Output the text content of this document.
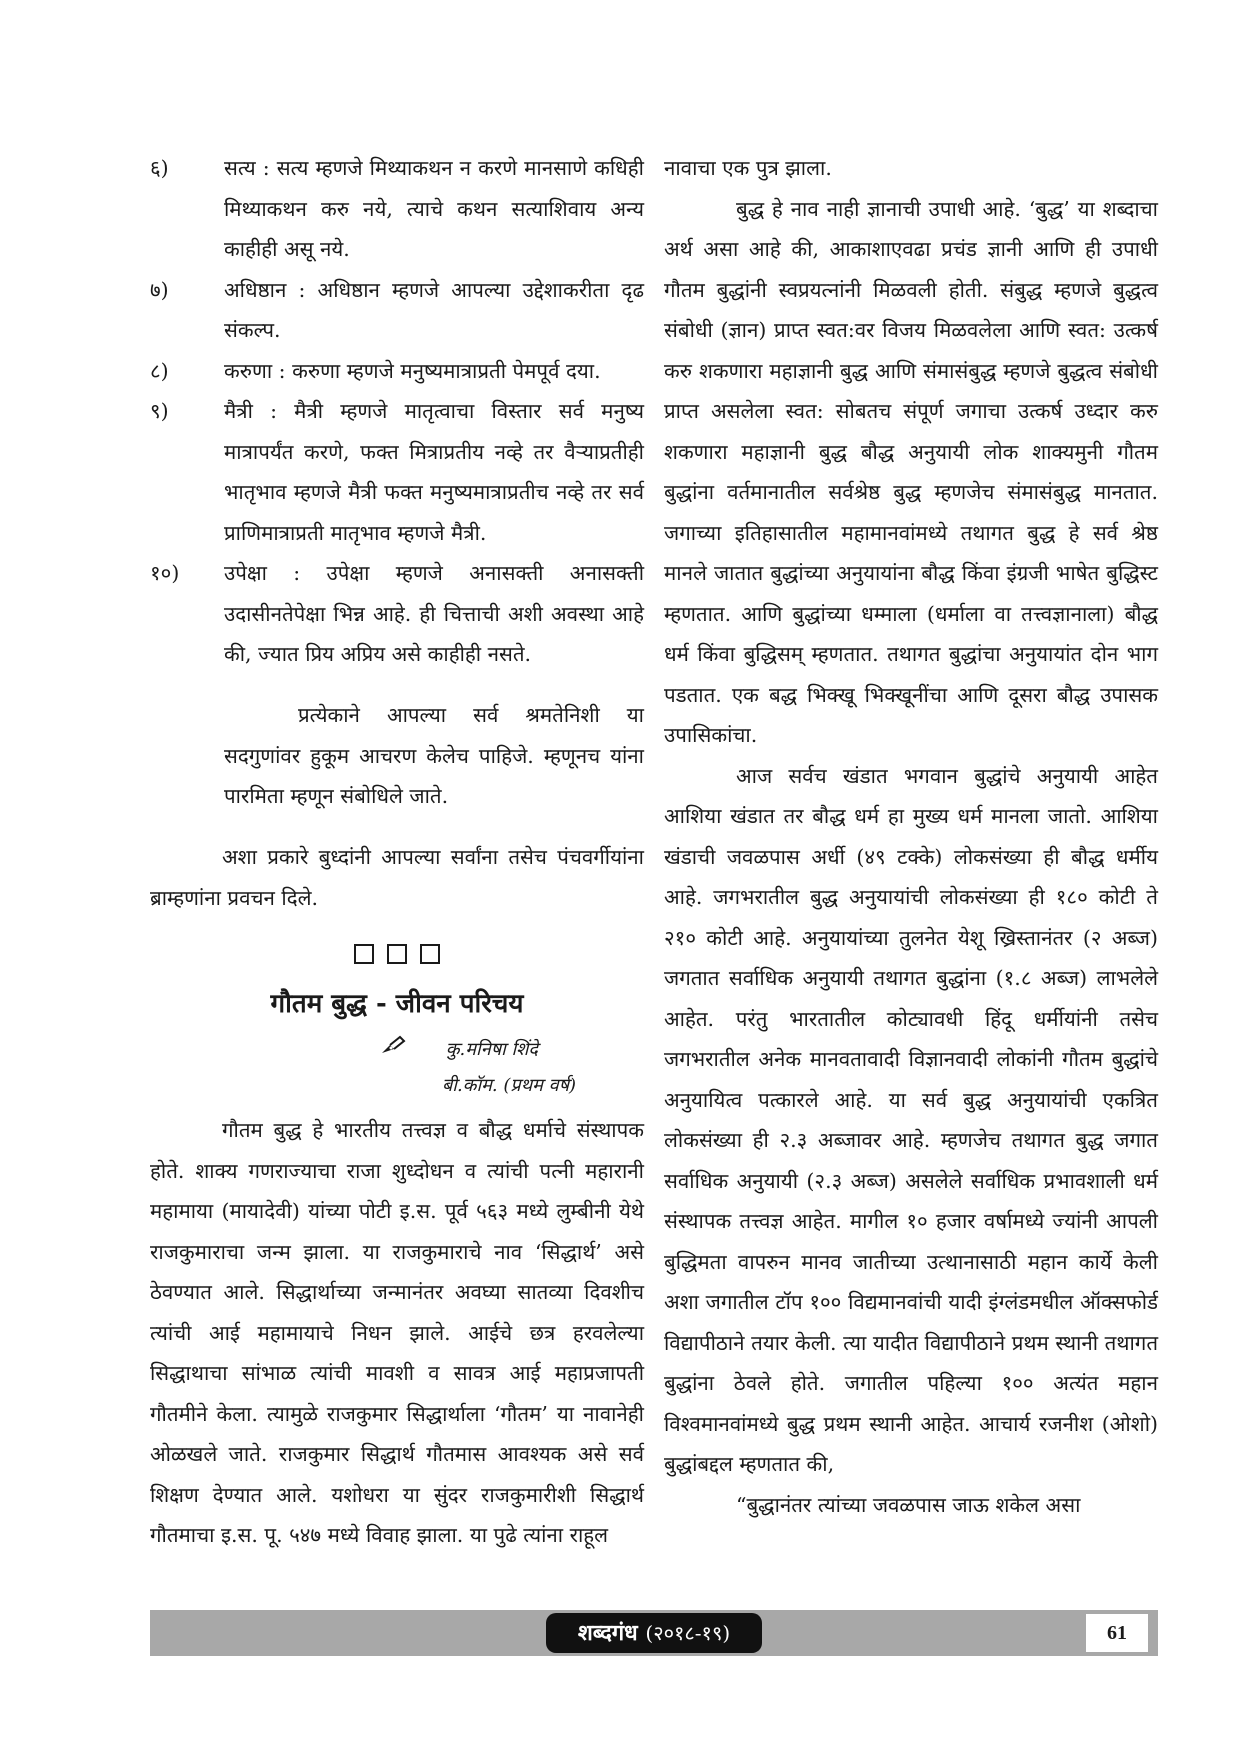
६)	सत्य : सत्य म्हणजे मिथ्याकथन न करणे मानसाणे कधिही मिथ्याकथन करु नये, त्याचे कथन सत्याशिवाय अन्य काहीही असू नये.
७)	अधिष्ठान : अधिष्ठान म्हणजे आपल्या उद्देशाकरीता दृढ संकल्प.
८)	करुणा : करुणा म्हणजे मनुष्यमात्राप्रती पेमपूर्व दया.
९)	मैत्री : मैत्री म्हणजे मातृत्वाचा विस्तार सर्व मनुष्य मात्रापर्यंत करणे, फक्त मित्राप्रतीय नव्हे तर वैऱ्याप्रतीही भातृभाव म्हणजे मैत्री फक्त मनुष्यमात्राप्रतीच नव्हे तर सर्व प्राणिमात्राप्रती मातृभाव म्हणजे मैत्री.
१०)	उपेक्षा : उपेक्षा म्हणजे अनासक्ती अनासक्ती उदासीनतेपेक्षा भिन्न आहे. ही चित्ताची अशी अवस्था आहे की, ज्यात प्रिय अप्रिय असे काहीही नसते.

प्रत्येकाने आपल्या सर्व श्रमतेनिशी या सदगुणांवर हुकूम आचरण केलेच पाहिजे. म्हणूनच यांना पारमिता म्हणून संबोधिले जाते.

अशा प्रकारे बुध्दांनी आपल्या सर्वांना तसेच पंचवर्गीयांना ब्राम्हणांना प्रवचन दिले.

गौतम बुद्ध - जीवन परिचय
कु.मनिषा शिंदे
बी.कॉम. (प्रथम वर्ष)

गौतम बुद्ध हे भारतीय तत्त्वज्ञ व बौद्ध धर्माचे संस्थापक होते. शाक्य गणराज्याचा राजा शुध्दोधन व त्यांची पत्नी महारानी महामाया (मायादेवी) यांच्या पोटी इ.स. पूर्व ५६३ मध्ये लुम्बीनी येथे राजकुमाराचा जन्म झाला. या राजकुमाराचे नाव ‘सिद्धार्थ’ असे ठेवण्यात आले. सिद्धार्थाच्या जन्मानंतर अवघ्या सातव्या दिवशीच त्यांची आई महामायाचे निधन झाले. आईचे छत्र हरवलेल्या सिद्धाथाचा सांभाळ त्यांची मावशी व सावत्र आई महाप्रजापती गौतमीने केला. त्यामुळे राजकुमार सिद्धार्थाला ‘गौतम’ या नावानेही ओळखले जाते. राजकुमार सिद्धार्थ गौतमास आवश्यक असे सर्व शिक्षण देण्यात आले. यशोधरा या सुंदर राजकुमारीशी सिद्धार्थ गौतमाचा इ.स. पू. ५४७ मध्ये विवाह झाला. या पुढे त्यांना राहूल

नावाचा एक पुत्र झाला.

बुद्ध हे नाव नाही ज्ञानाची उपाधी आहे. ‘बुद्ध’ या शब्दाचा अर्थ असा आहे की, आकाशाएवढा प्रचंड ज्ञानी आणि ही उपाधी गौतम बुद्धांनी स्वप्रयत्नांनी मिळवली होती. संबुद्ध म्हणजे बुद्धत्व संबोधी (ज्ञान) प्राप्त स्वत:वर विजय मिळवलेला आणि स्वत: उत्कर्ष करु शकणारा महाज्ञानी बुद्ध आणि संमासंबुद्ध म्हणजे बुद्धत्व संबोधी प्राप्त असलेला स्वत: सोबतच संपूर्ण जगाचा उत्कर्ष उध्दार करु शकणारा महाज्ञानी बुद्ध बौद्ध अनुयायी लोक शाक्यमुनी गौतम बुद्धांना वर्तमानातील सर्वश्रेष्ठ बुद्ध म्हणजेच संमासंबुद्ध मानतात. जगाच्या इतिहासातील महामानवांमध्ये तथागत बुद्ध हे सर्व श्रेष्ठ मानले जातात बुद्धांच्या अनुयायांना बौद्ध किंवा इंग्रजी भाषेत बुद्धिस्ट म्हणतात. आणि बुद्धांच्या धम्माला (धर्माला वा तत्त्वज्ञानाला) बौद्ध धर्म किंवा बुद्धिसम् म्हणतात. तथागत बुद्धांचा अनुयायांत दोन भाग पडतात. एक बद्ध भिक्खू भिक्खूनींचा आणि दूसरा बौद्ध उपासक उपासिकांचा.

आज सर्वच खंडात भगवान बुद्धांचे अनुयायी आहेत आशिया खंडात तर बौद्ध धर्म हा मुख्य धर्म मानला जातो. आशिया खंडाची जवळपास अर्धी (४९ टक्के) लोकसंख्या ही बौद्ध धर्मीय आहे. जगभरातील बुद्ध अनुयायांची लोकसंख्या ही १८० कोटी ते २१० कोटी आहे. अनुयायांच्या तुलनेत येशू ख्रिस्तानंतर (२ अब्ज) जगतात सर्वाधिक अनुयायी तथागत बुद्धांना (१.८ अब्ज) लाभलेले आहेत. परंतु भारतातील कोट्यावधी हिंदू धर्मीयांनी तसेच जगभरातील अनेक मानवतावादी विज्ञानवादी लोकांनी गौतम बुद्धांचे अनुयायित्व पत्कारले आहे. या सर्व बुद्ध अनुयायांची एकत्रित लोकसंख्या ही २.३ अब्जावर आहे. म्हणजेच तथागत बुद्ध जगात सर्वाधिक अनुयायी (२.३ अब्ज) असलेले सर्वाधिक प्रभावशाली धर्म संस्थापक तत्त्वज्ञ आहेत. मागील १० हजार वर्षामध्ये ज्यांनी आपली बुद्धिमता वापरुन मानव जातीच्या उत्थानासाठी महान कार्ये केली अशा जगातील टॉप १०० विद्यमानवांची यादी इंग्लंडमधील ऑक्सफोर्ड विद्यापीठाने तयार केली. त्या यादीत विद्यापीठाने प्रथम स्थानी तथागत बुद्धांना ठेवले होते. जगातील पहिल्या १०० अत्यंत महान विश्वमानवांमध्ये बुद्ध प्रथम स्थानी आहेत. आचार्य रजनीश (ओशो) बुद्धांबद्दल म्हणतात की,

“बुद्धानंतर त्यांच्या जवळपास जाऊ शकेल असा

शब्दगंध (२०१८-१९)	61
